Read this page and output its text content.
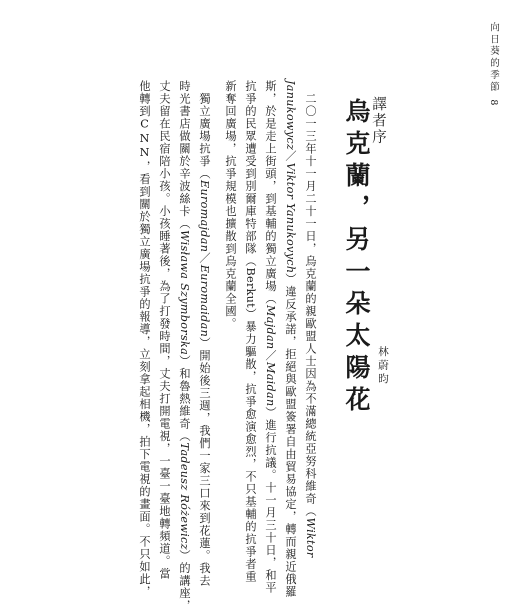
向日葵的季節8
譯者序
烏克蘭，另一朵太陽花 林蔚昀
　二〇一三年十一月二十一日，烏克蘭的親歐盟人士因為不滿總統亞努科維奇（Wiktor
Janukowycz／Viktor Yanukovych）違反承諾，拒絕與歐盟簽署自由貿易協定，轉而親近俄羅
斯，於是走上街頭，到基輔的獨立廣場（Majdan／Maidan）進行抗議。十一月三十日，和平
抗爭的民眾遭受到別爾庫特部隊（Berkut）暴力驅散，抗爭愈演愈烈，不只基輔的抗爭者重
新奪回廣場，抗爭規模也擴散到烏克蘭全國。
　獨立廣場抗爭（Euromajdan／Euromaidan）開始後三週，我們一家三口來到花蓮。我去
時光書店做關於辛波絲卡（Wisława Szymborska）和魯熱維奇（Tadeusz Różewicz）的講座，
丈夫留在民宿陪小孩。小孩睡著後，為了打發時間，丈夫打開電視，一臺一臺地轉頻道。當
他轉到CNN，看到關於獨立廣場抗爭的報導，立刻拿起相機，拍下電視的畫面。不只如此，
